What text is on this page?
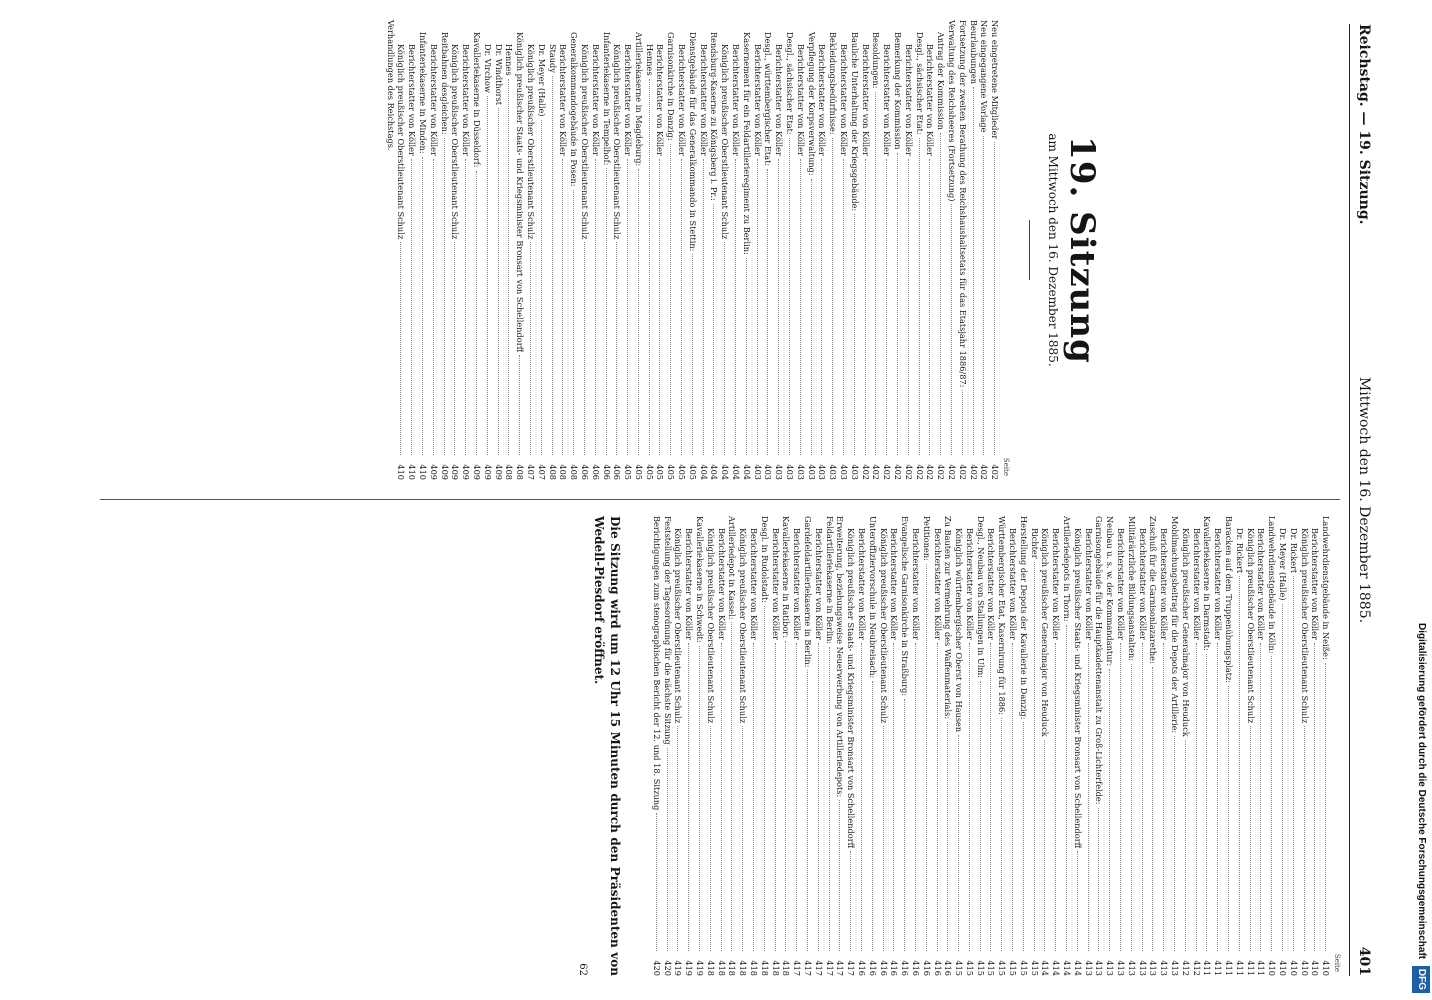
Reichstag. — 19. Sitzung.
Mittwoch den 16. Dezember 1885.
401
19. Sitzung
am Mittwoch den 16. Dezember 1885.
Seite
Neu eingetretene Mitglieder
402
Neu eingegangene Vorlage
402
Beurlaubungen
402
Fortsetzung der zweiten Berathung des Reichshaushaltsetats für das Etatsjahr 1886/87:
402
Verwaltung des Reichsheeres (Fortsetzung)
402
Antrag der Kommission
402
Berichterstatter von Köller
402
Desgl., sächsischer Etat:
402
Berichterstatter von Köller
402
Bemerkung der Kommission
402
Berichterstatter von Köller
402
Besoldungen:
402
Berichterstatter von Köller
402
Bauliche Unterhaltung der Kriegsgebäude:
403
Berichterstatter von Köller
403
Bekleidungsbedürfnisse:
403
Berichterstatter von Köller
403
Verpflegung der Korpsverwaltung:
403
Berichterstatter von Köller
403
Desgl., sächsischer Etat:
403
Berichterstatter von Köller
403
Desgl., württembergischer Etat:
403
Berichterstatter von Köller
403
Kasernement für ein Feldartillerieregiment zu Berlin:
404
Berichterstatter von Köller
404
Königlich preußischer Oberstlieutenant Schulz
404
Rendsburg-Kaserne zu Königsberg i. Pr.:
404
Berichterstatter von Köller
404
Dienstgebäude für das Generalkommando in Stettin:
405
Berichterstatter von Köller
405
Garnisonkirche in Danzig:
405
Berichterstatter von Köller
405
Hennes
405
Artilleriekaserne in Magdeburg:
405
Berichterstatter von Köller
405
Königlich preußischer Oberstlieutenant Schulz
406
Infanteriekaserne in Tempelhof:
406
Berichterstatter von Köller
406
Königlich preußischer Oberstlieutenant Schulz
406
Generalkommandogebäude in Posen:
408
Berichterstatter von Köller
408
Staudy
408
Dr. Meyer (Halle)
407
Königlich preußischer Oberstlieutenant Schulz
407
Königlich preußischer Staats- und Kriegsminister Bronsart von Schellendorff
408
Hennes
408
Dr. Windthorst
409
Dr. Virchow
409
Kavalleriekaserne in Düsseldorf:
409
Berichterstatter von Köller
409
Königlich preußischer Oberstlieutenant Schulz
409
Reitbahnen desgleichen:
409
Berichterstatter von Köller
409
Infanteriekaserne in Minden:
410
Berichterstatter von Köller
410
Königlich preußischer Oberstlieutenant Schulz
410
Verhandlungen des Reichstags.
Seite
Landwehrdienstgebäude in Neiße:
410
Berichterstatter von Köller
410
Königlich preußischer Oberstlieutenant Schulz
410
Dr. Rickert
410
Dr. Meyer (Halle)
410
Landwehrdienstgebäude in Köln:
410
Berichterstatter von Köller
411
Königlich preußischer Oberstlieutenant Schulz
411
Dr. Rickert
411
Baracken auf dem Truppenübungsplatz:
411
Berichterstatter von Köller
411
Kavalleriekaserne in Darmstadt:
411
Berichterstatter von Köller
412
Königlich preußischer Generalmajor von Heuduck
412
Mobilmachungsbeitrag für die Depots der Artillerie:
413
Berichterstatter von Köller
413
Zuschuß für die Garnisonlazarethe:
413
Berichterstatter von Köller
413
Militärärztliche Bildungsanstalten:
413
Berichterstatter von Köller
413
Neubau u. s. w. der Kommandantur:
413
Garnisongebäude für die Hauptkadettenanstalt zu Groß-Lichterfelde:
413
Berichterstatter von Köller
413
Königlich preußischer Staats- und Kriegsminister Bronsart von Schellendorff
414
Artilleriedepots in Thorn:
414
Berichterstatter von Köller
414
Königlich preußischer Generalmajor von Heuduck
414
Richter
415
Herstellung der Depots der Kavallerie in Danzig:
415
Berichterstatter von Köller
415
Württembergischer Etat, Kasernirung für 1886:
415
Berichterstatter von Köller
415
Desgl., Neubau von Stallungen in Ulm:
415
Berichterstatter von Köller
415
Königlich württembergischer Oberst von Hausen
415
Zu Bauten zur Vermehrung des Waffenmaterials:
416
Berichterstatter von Köller
416
Petitionen:
416
Berichterstatter von Köller
416
Evangelische Garnisonkirche in Straßburg:
416
Berichterstatter von Köller
416
Königlich preußischer Oberstlieutenant Schulz
416
Unteroffiziervorschule in Neubreisach:
416
Berichterstatter von Köller
416
Königlich preußischer Staats- und Kriegsminister Bronsart von Schellendorff
417
Erweiterung, beziehungsweise Neuerwerbung von Artilleriedepots:
417
Feldartilleriekaserne in Berlin:
417
Berichterstatter von Köller
417
Gardefeldartilleriekaserne in Berlin:
417
Berichterstatter von Köller
417
Kavalleriekaserne in Ratibor:
418
Berichterstatter von Köller
418
Desgl. in Rudolstadt:
418
Berichterstatter von Köller
418
Königlich preußischer Oberstlieutenant Schulz
418
Artilleriedepot in Kassel:
418
Berichterstatter von Köller
418
Königlich preußischer Oberstlieutenant Schulz
418
Kavalleriekaserne in Schwedt:
419
Berichterstatter von Köller
419
Königlich preußischer Oberstlieutenant Schulz
419
Feststellung der Tagesordnung für die nächste Sitzung
420
Berichtigungen zum stenographischen Bericht der 12. und 18. Sitzung
420
Die Sitzung wird um 12 Uhr 15 Minuten durch den Präsidenten von Wedell-Piesdorf eröffnet.
62
Digitalisierung gefördert durch die Deutsche Forschungsgemeinschaft DFG
